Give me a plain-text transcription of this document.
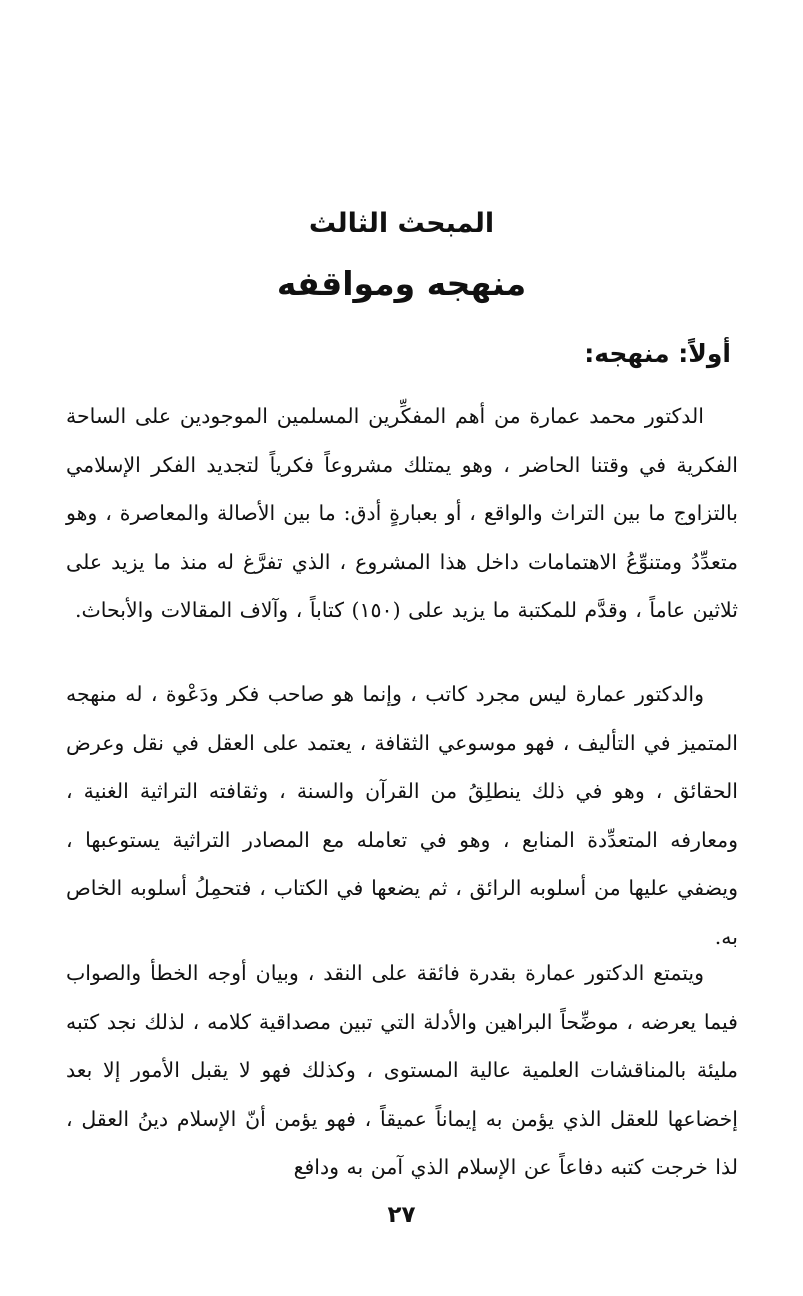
المبحث الثالث
منهجه ومواقفه
أولاً: منهجه:

الدكتور محمد عمارة من أهم المفكِّرين المسلمين الموجودين على الساحة الفكرية في وقتنا الحاضر ، وهو يمتلك مشروعاً فكرياً لتجديد الفكر الإسلامي بالتزاوج ما بين التراث والواقع ، أو بعبارةٍ أدق: ما بين الأصالة والمعاصرة ، وهو متعدِّدُ ومتنوِّعُ الاهتمامات داخل هذا المشروع ، الذي تفرَّغ له منذ ما يزيد على ثلاثين عاماً ، وقدَّم للمكتبة ما يزيد على (١٥٠) كتاباً ، وآلاف المقالات والأبحاث.

والدكتور عمارة ليس مجرد كاتب ، وإنما هو صاحب فكر ودَعْوة ، له منهجه المتميز في التأليف ، فهو موسوعي الثقافة ، يعتمد على العقل في نقل وعرض الحقائق ، وهو في ذلك ينطلِقُ من القرآن والسنة ، وثقافته التراثية الغنية ، ومعارفه المتعدِّدة المنابع ، وهو في تعامله مع المصادر التراثية يستوعبها ، ويضفي عليها من أسلوبه الرائق ، ثم يضعها في الكتاب ، فتحمِلُ أسلوبه الخاص به.

ويتمتع الدكتور عمارة بقدرة فائقة على النقد ، وبيان أوجه الخطأ والصواب فيما يعرضه ، موضِّحاً البراهين والأدلة التي تبين مصداقية كلامه ، لذلك نجد كتبه مليئة بالمناقشات العلمية عالية المستوى ، وكذلك فهو لا يقبل الأمور إلا بعد إخضاعها للعقل الذي يؤمن به إيماناً عميقاً ، فهو يؤمن أنّ الإسلام دينُ العقل ، لذا خرجت كتبه دفاعاً عن الإسلام الذي آمن به ودافع

٢٧
